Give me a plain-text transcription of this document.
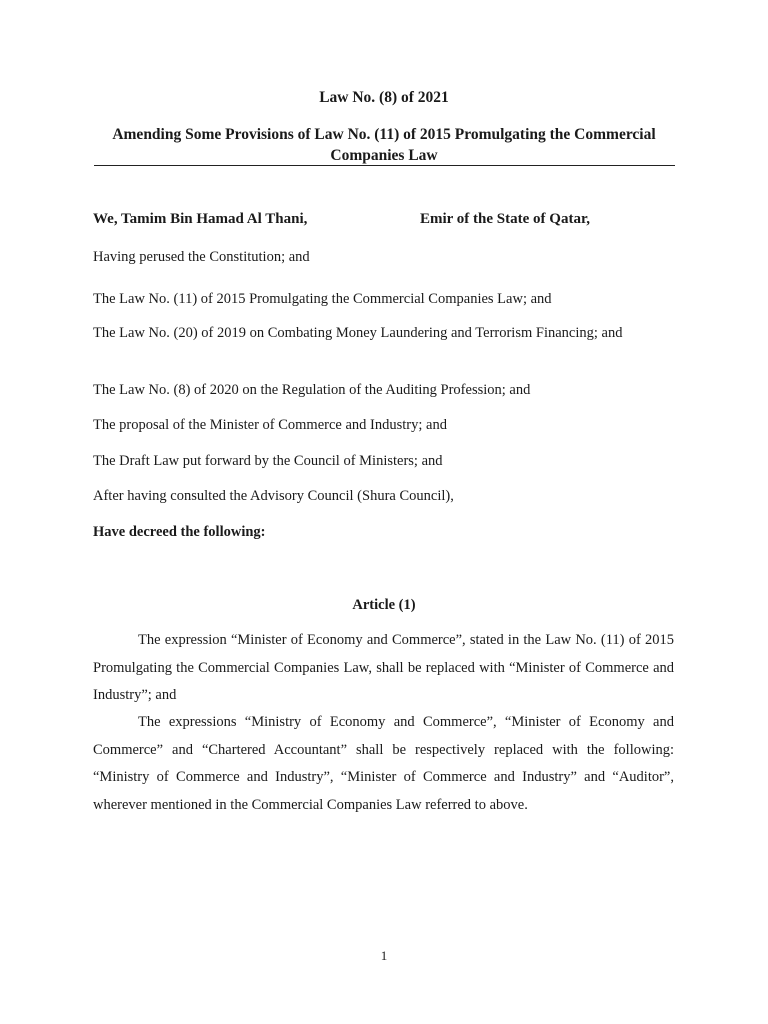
Law No. (8) of 2021
Amending Some Provisions of Law No. (11) of 2015 Promulgating the Commercial Companies Law
We, Tamim Bin Hamad Al Thani,	Emir of the State of Qatar,
Having perused the Constitution; and
The Law No. (11) of 2015 Promulgating the Commercial Companies Law; and
The Law No. (20) of 2019 on Combating Money Laundering and Terrorism Financing; and
The Law No. (8) of 2020 on the Regulation of the Auditing Profession; and
The proposal of the Minister of Commerce and Industry; and
The Draft Law put forward by the Council of Ministers; and
After having consulted the Advisory Council (Shura Council),
Have decreed the following:
Article (1)
The expression “Minister of Economy and Commerce”, stated in the Law No. (11) of 2015 Promulgating the Commercial Companies Law, shall be replaced with “Minister of Commerce and Industry”; and
The expressions “Ministry of Economy and Commerce”, “Minister of Economy and Commerce” and “Chartered Accountant” shall be respectively replaced with the following: “Ministry of Commerce and Industry”, “Minister of Commerce and Industry” and “Auditor”, wherever mentioned in the Commercial Companies Law referred to above.
1
